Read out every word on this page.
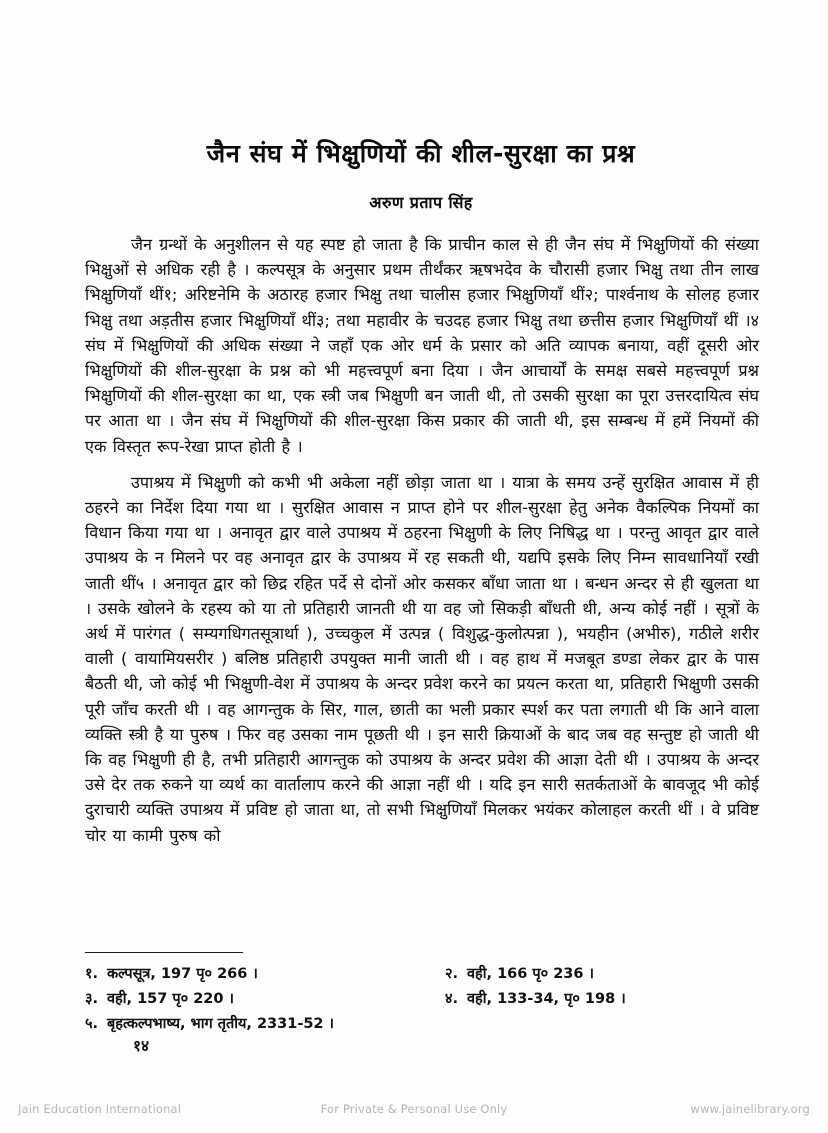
जैन संघ में भिक्षुणियों की शील-सुरक्षा का प्रश्न
अरुण प्रताप सिंह

जैन ग्रन्थों के अनुशीलन से यह स्पष्ट हो जाता है कि प्राचीन काल से ही जैन संघ में भिक्षुणियों की संख्या भिक्षुओं से अधिक रही है । कल्पसूत्र के अनुसार प्रथम तीर्थंकर ऋषभदेव के चौरासी हजार भिक्षु तथा तीन लाख भिक्षुणियाँ थीं१; अरिष्टनेमि के अठारह हजार भिक्षु तथा चालीस हजार भिक्षुणियाँ थीं२; पार्श्वनाथ के सोलह हजार भिक्षु तथा अड़तीस हजार भिक्षुणियाँ थीं३; तथा महावीर के चउदह हजार भिक्षु तथा छत्तीस हजार भिक्षुणियाँ थीं ।४ संघ में भिक्षुणियों की अधिक संख्या ने जहाँ एक ओर धर्म के प्रसार को अति व्यापक बनाया, वहीं दूसरी ओर भिक्षुणियों की शील-सुरक्षा के प्रश्न को भी महत्त्वपूर्ण बना दिया । जैन आचार्यों के समक्ष सबसे महत्त्वपूर्ण प्रश्न भिक्षुणियों की शील-सुरक्षा का था, एक स्त्री जब भिक्षुणी बन जाती थी, तो उसकी सुरक्षा का पूरा उत्तरदायित्व संघ पर आता था । जैन संघ में भिक्षुणियों की शील-सुरक्षा किस प्रकार की जाती थी, इस सम्बन्ध में हमें नियमों की एक विस्तृत रूप-रेखा प्राप्त होती है ।

उपाश्रय में भिक्षुणी को कभी भी अकेला नहीं छोड़ा जाता था । यात्रा के समय उन्हें सुरक्षित आवास में ही ठहरने का निर्देश दिया गया था । सुरक्षित आवास न प्राप्त होने पर शील-सुरक्षा हेतु अनेक वैकल्पिक नियमों का विधान किया गया था । अनावृत द्वार वाले उपाश्रय में ठहरना भिक्षुणी के लिए निषिद्ध था । परन्तु आवृत द्वार वाले उपाश्रय के न मिलने पर वह अनावृत द्वार के उपाश्रय में रह सकती थी, यद्यपि इसके लिए निम्न सावधानियाँ रखी जाती थीं५ । अनावृत द्वार को छिद्र रहित पर्दे से दोनों ओर कसकर बाँधा जाता था । बन्धन अन्दर से ही खुलता था । उसके खोलने के रहस्य को या तो प्रतिहारी जानती थी या वह जो सिकड़ी बाँधती थी, अन्य कोई नहीं । सूत्रों के अर्थ में पारंगत ( सम्यगधिगतसूत्रार्था ), उच्चकुल में उत्पन्न ( विशुद्ध-कुलोत्पन्ना ), भयहीन (अभीरु), गठीले शरीर वाली ( वायामियसरीर ) बलिष्ठ प्रतिहारी उपयुक्त मानी जाती थी । वह हाथ में मजबूत डण्डा लेकर द्वार के पास बैठती थी, जो कोई भी भिक्षुणी-वेश में उपाश्रय के अन्दर प्रवेश करने का प्रयत्न करता था, प्रतिहारी भिक्षुणी उसकी पूरी जाँच करती थी । वह आगन्तुक के सिर, गाल, छाती का भली प्रकार स्पर्श कर पता लगाती थी कि आने वाला व्यक्ति स्त्री है या पुरुष । फिर वह उसका नाम पूछती थी । इन सारी क्रियाओं के बाद जब वह सन्तुष्ट हो जाती थी कि वह भिक्षुणी ही है, तभी प्रतिहारी आगन्तुक को उपाश्रय के अन्दर प्रवेश की आज्ञा देती थी । उपाश्रय के अन्दर उसे देर तक रुकने या व्यर्थ का वार्तालाप करने की आज्ञा नहीं थी । यदि इन सारी सतर्कताओं के बावजूद भी कोई दुराचारी व्यक्ति उपाश्रय में प्रविष्ट हो जाता था, तो सभी भिक्षुणियाँ मिलकर भयंकर कोलाहल करती थीं । वे प्रविष्ट चोर या कामी पुरुष को

१. कल्पसूत्र, 197 पृ० 266 ।	२. वही, 166 पृ० 236 ।
३. वही, 157 पृ० 220 ।	४. वही, 133-34, पृ० 198 ।
५. बृहत्कल्पभाष्य, भाग तृतीय, 2331-52 ।
१४
Jain Education International	For Private & Personal Use Only	www.jainelibrary.org
